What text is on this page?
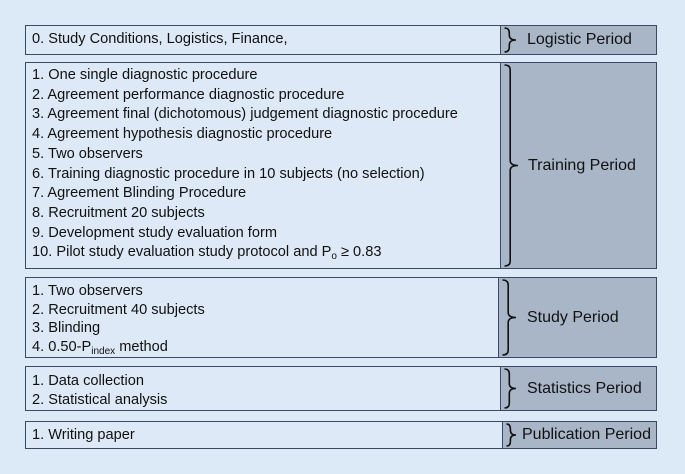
0. Study Conditions, Logistics, Finance,	Logistic Period
1. One single diagnostic procedure
2. Agreement performance diagnostic procedure
3. Agreement final (dichotomous) judgement diagnostic procedure
4. Agreement hypothesis diagnostic procedure
5. Two observers
6. Training diagnostic procedure in 10 subjects (no selection)
7. Agreement Blinding Procedure
8. Recruitment 20 subjects
9. Development study evaluation form
10. Pilot study evaluation study protocol and $P_o \ge 0.83$
Training Period
1. Two observers
2. Recruitment 40 subjects
3. Blinding
4. $0.50-P_{index}$ method
Study Period
1. Data collection
2. Statistical analysis
Statistics Period
1. Writing paper	Publication Period
